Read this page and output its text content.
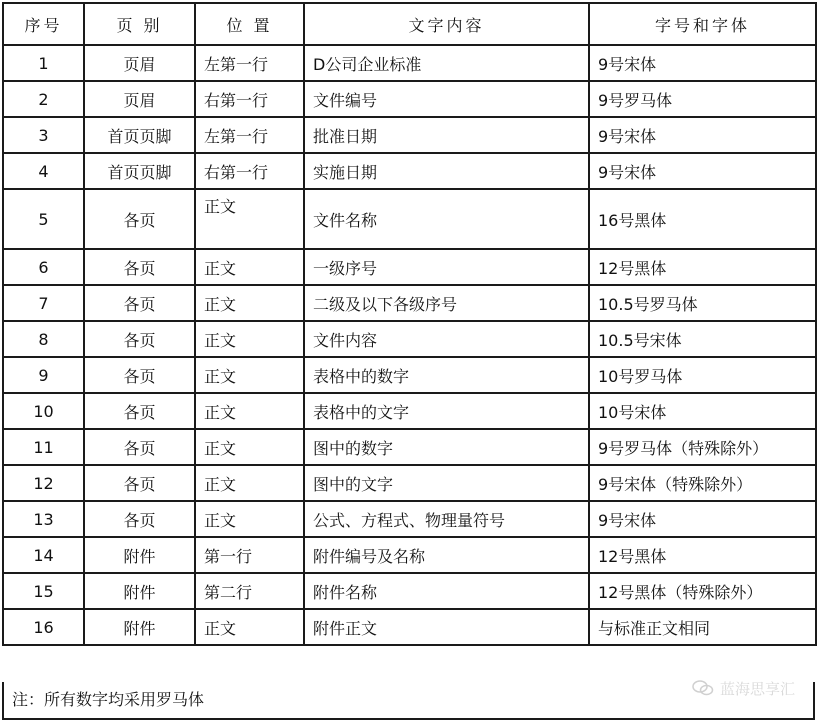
序号	页 别	位 置	文字内容	字号和字体
1	页眉	左第一行	D公司企业标准	9号宋体
2	页眉	右第一行	文件编号	9号罗马体
3	首页页脚	左第一行	批准日期	9号宋体
4	首页页脚	右第一行	实施日期	9号宋体
5	各页	正文	文件名称	16号黑体
6	各页	正文	一级序号	12号黑体
7	各页	正文	二级及以下各级序号	10.5号罗马体
8	各页	正文	文件内容	10.5号宋体
9	各页	正文	表格中的数字	10号罗马体
10	各页	正文	表格中的文字	10号宋体
11	各页	正文	图中的数字	9号罗马体（特殊除外）
12	各页	正文	图中的文字	9号宋体（特殊除外）
13	各页	正文	公式、方程式、物理量符号	9号宋体
14	附件	第一行	附件编号及名称	12号黑体
15	附件	第二行	附件名称	12号黑体（特殊除外）
16	附件	正文	附件正文	与标准正文相同
注：所有数字均采用罗马体
蓝海思享汇
